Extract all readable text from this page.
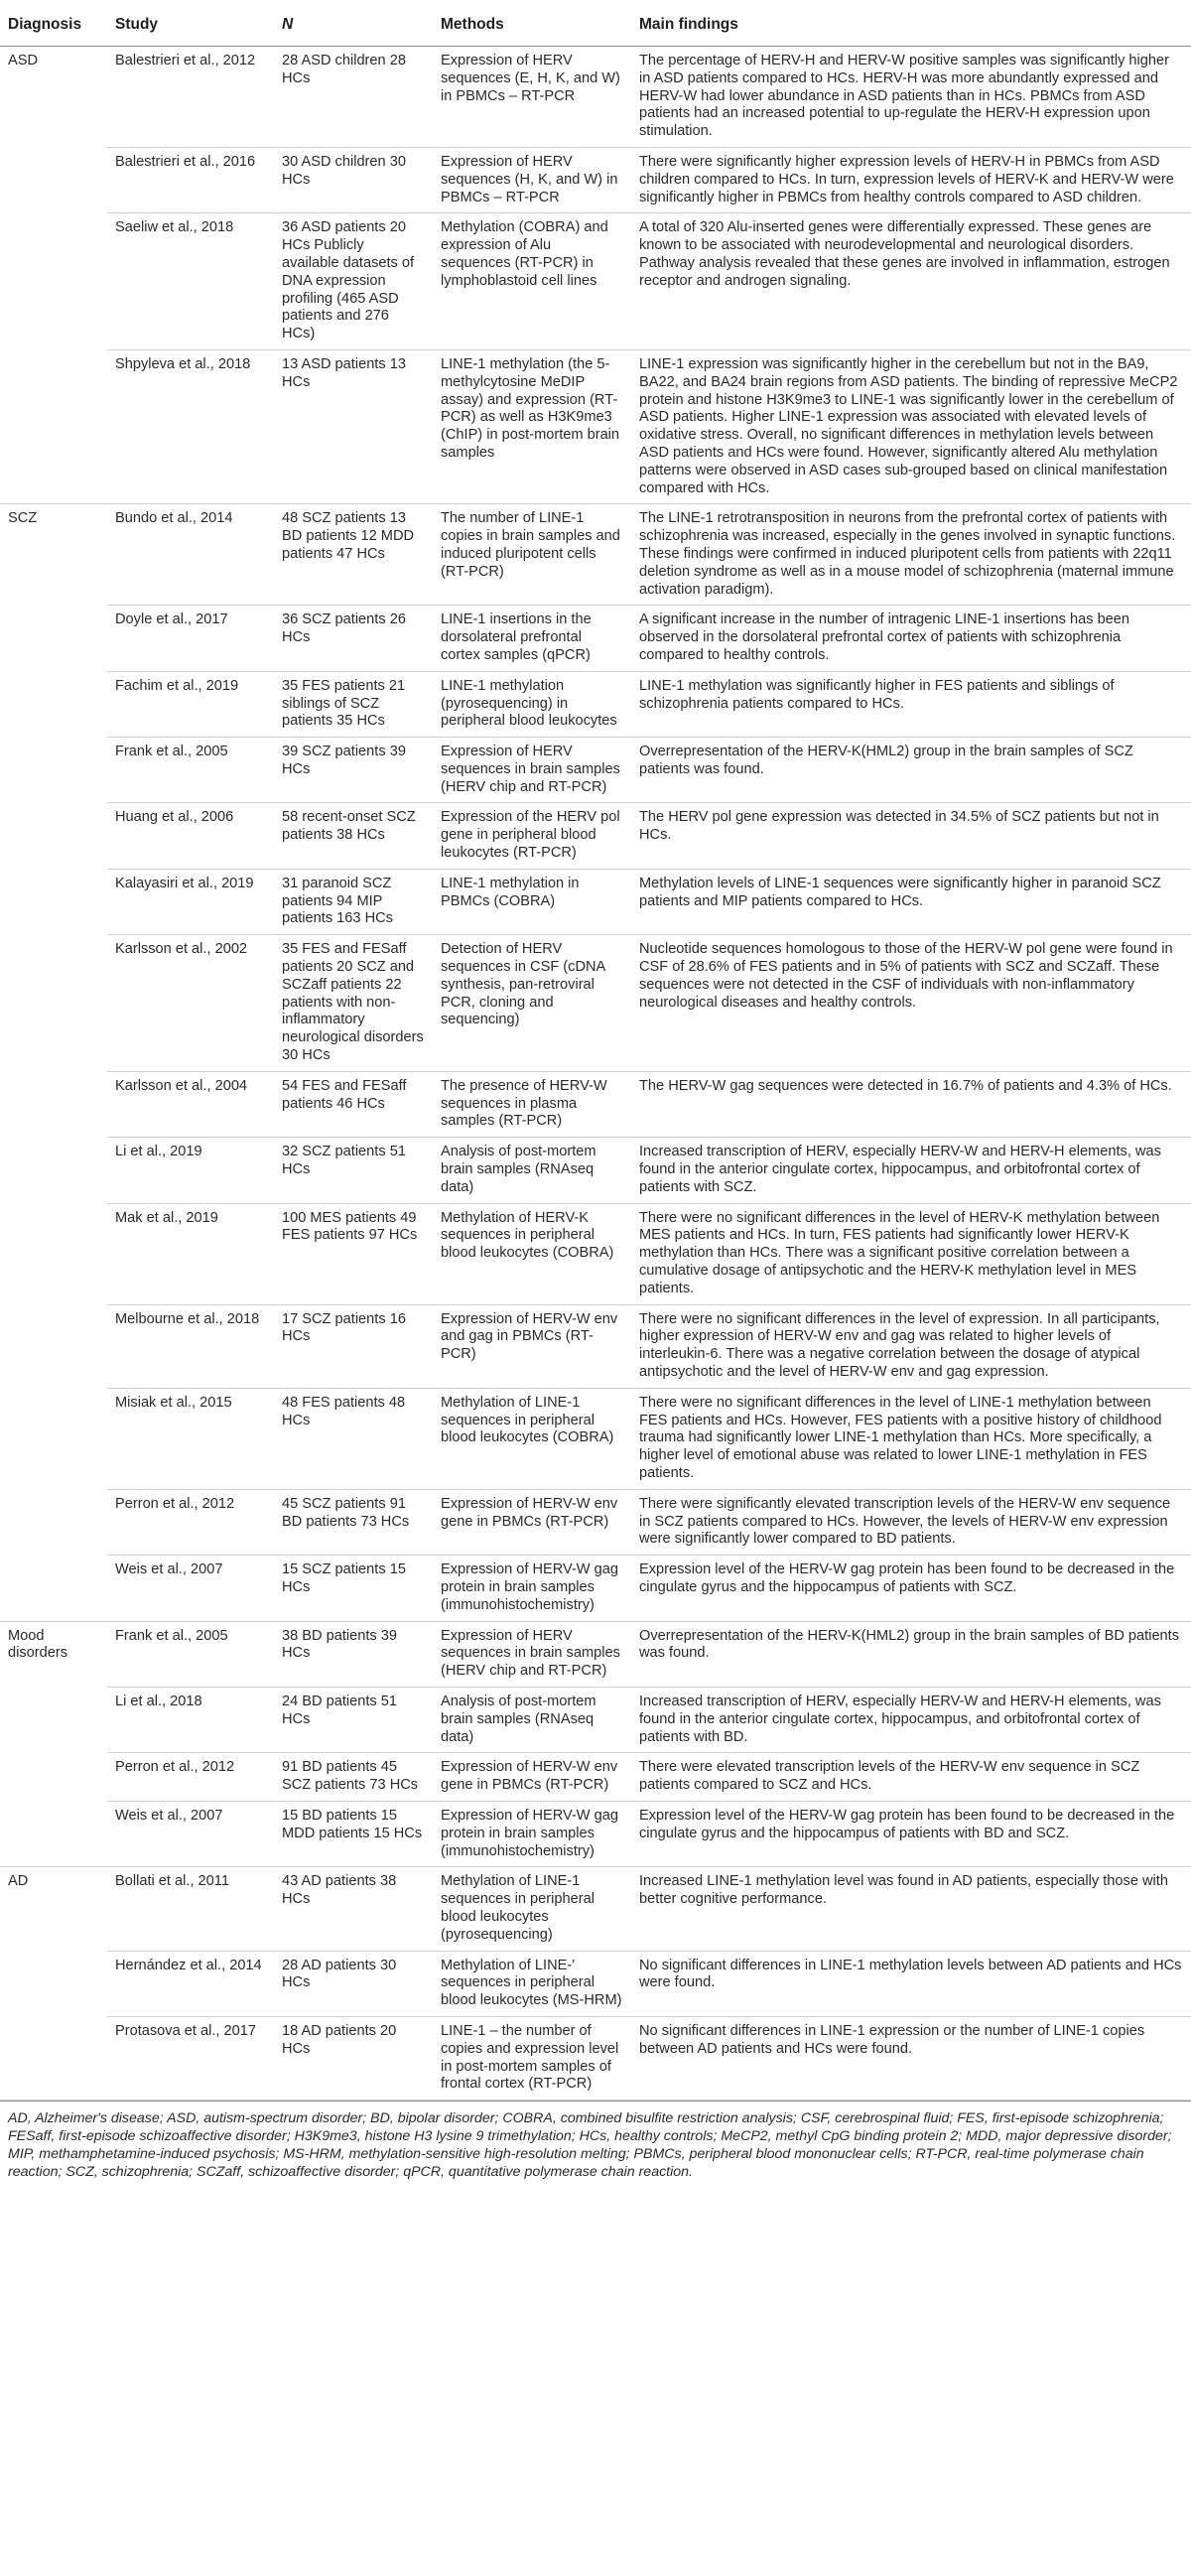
Diagnosis	Study	N	Methods	Main findings
ASD	Balestrieri et al., 2012	28 ASD children 28 HCs	Expression of HERV sequences (E, H, K, and W) in PBMCs – RT-PCR	The percentage of HERV-H and HERV-W positive samples was significantly higher in ASD patients compared to HCs. HERV-H was more abundantly expressed and HERV-W had lower abundance in ASD patients than in HCs. PBMCs from ASD patients had an increased potential to up-regulate the HERV-H expression upon stimulation.
	Balestrieri et al., 2016	30 ASD children 30 HCs	Expression of HERV sequences (H, K, and W) in PBMCs – RT-PCR	There were significantly higher expression levels of HERV-H in PBMCs from ASD children compared to HCs. In turn, expression levels of HERV-K and HERV-W were significantly higher in PBMCs from healthy controls compared to ASD children.
	Saeliw et al., 2018	36 ASD patients 20 HCs Publicly available datasets of DNA expression profiling (465 ASD patients and 276 HCs)	Methylation (COBRA) and expression of Alu sequences (RT-PCR) in lymphoblastoid cell lines	A total of 320 Alu-inserted genes were differentially expressed. These genes are known to be associated with neurodevelopmental and neurological disorders. Pathway analysis revealed that these genes are involved in inflammation, estrogen receptor and androgen signaling.
	Shpyleva et al., 2018	13 ASD patients 13 HCs	LINE-1 methylation (the 5-methylcytosine MeDIP assay) and expression (RT-PCR) as well as H3K9me3 (ChIP) in post-mortem brain samples	LINE-1 expression was significantly higher in the cerebellum but not in the BA9, BA22, and BA24 brain regions from ASD patients. The binding of repressive MeCP2 protein and histone H3K9me3 to LINE-1 was significantly lower in the cerebellum of ASD patients. Higher LINE-1 expression was associated with elevated levels of oxidative stress. Overall, no significant differences in methylation levels between ASD patients and HCs were found. However, significantly altered Alu methylation patterns were observed in ASD cases sub-grouped based on clinical manifestation compared with HCs.
SCZ	Bundo et al., 2014	48 SCZ patients 13 BD patients 12 MDD patients 47 HCs	The number of LINE-1 copies in brain samples and induced pluripotent cells (RT-PCR)	The LINE-1 retrotransposition in neurons from the prefrontal cortex of patients with schizophrenia was increased, especially in the genes involved in synaptic functions. These findings were confirmed in induced pluripotent cells from patients with 22q11 deletion syndrome as well as in a mouse model of schizophrenia (maternal immune activation paradigm).
	Doyle et al., 2017	36 SCZ patients 26 HCs	LINE-1 insertions in the dorsolateral prefrontal cortex samples (qPCR)	A significant increase in the number of intragenic LINE-1 insertions has been observed in the dorsolateral prefrontal cortex of patients with schizophrenia compared to healthy controls.
	Fachim et al., 2019	35 FES patients 21 siblings of SCZ patients 35 HCs	LINE-1 methylation (pyrosequencing) in peripheral blood leukocytes	LINE-1 methylation was significantly higher in FES patients and siblings of schizophrenia patients compared to HCs.
	Frank et al., 2005	39 SCZ patients 39 HCs	Expression of HERV sequences in brain samples (HERV chip and RT-PCR)	Overrepresentation of the HERV-K(HML2) group in the brain samples of SCZ patients was found.
	Huang et al., 2006	58 recent-onset SCZ patients 38 HCs	Expression of the HERV pol gene in peripheral blood leukocytes (RT-PCR)	The HERV pol gene expression was detected in 34.5% of SCZ patients but not in HCs.
	Kalayasiri et al., 2019	31 paranoid SCZ patients 94 MIP patients 163 HCs	LINE-1 methylation in PBMCs (COBRA)	Methylation levels of LINE-1 sequences were significantly higher in paranoid SCZ patients and MIP patients compared to HCs.
	Karlsson et al., 2002	35 FES and FESaff patients 20 SCZ and SCZaff patients 22 patients with non-inflammatory neurological disorders 30 HCs	Detection of HERV sequences in CSF (cDNA synthesis, pan-retroviral PCR, cloning and sequencing)	Nucleotide sequences homologous to those of the HERV-W pol gene were found in CSF of 28.6% of FES patients and in 5% of patients with SCZ and SCZaff. These sequences were not detected in the CSF of individuals with non-inflammatory neurological diseases and healthy controls.
	Karlsson et al., 2004	54 FES and FESaff patients 46 HCs	The presence of HERV-W sequences in plasma samples (RT-PCR)	The HERV-W gag sequences were detected in 16.7% of patients and 4.3% of HCs.
	Li et al., 2019	32 SCZ patients 51 HCs	Analysis of post-mortem brain samples (RNAseq data)	Increased transcription of HERV, especially HERV-W and HERV-H elements, was found in the anterior cingulate cortex, hippocampus, and orbitofrontal cortex of patients with SCZ.
	Mak et al., 2019	100 MES patients 49 FES patients 97 HCs	Methylation of HERV-K sequences in peripheral blood leukocytes (COBRA)	There were no significant differences in the level of HERV-K methylation between MES patients and HCs. In turn, FES patients had significantly lower HERV-K methylation than HCs. There was a significant positive correlation between a cumulative dosage of antipsychotic and the HERV-K methylation level in MES patients.
	Melbourne et al., 2018	17 SCZ patients 16 HCs	Expression of HERV-W env and gag in PBMCs (RT-PCR)	There were no significant differences in the level of expression. In all participants, higher expression of HERV-W env and gag was related to higher levels of interleukin-6. There was a negative correlation between the dosage of atypical antipsychotic and the level of HERV-W env and gag expression.
	Misiak et al., 2015	48 FES patients 48 HCs	Methylation of LINE-1 sequences in peripheral blood leukocytes (COBRA)	There were no significant differences in the level of LINE-1 methylation between FES patients and HCs. However, FES patients with a positive history of childhood trauma had significantly lower LINE-1 methylation than HCs. More specifically, a higher level of emotional abuse was related to lower LINE-1 methylation in FES patients.
	Perron et al., 2012	45 SCZ patients 91 BD patients 73 HCs	Expression of HERV-W env gene in PBMCs (RT-PCR)	There were significantly elevated transcription levels of the HERV-W env sequence in SCZ patients compared to HCs. However, the levels of HERV-W env expression were significantly lower compared to BD patients.
	Weis et al., 2007	15 SCZ patients 15 HCs	Expression of HERV-W gag protein in brain samples (immunohistochemistry)	Expression level of the HERV-W gag protein has been found to be decreased in the cingulate gyrus and the hippocampus of patients with SCZ.
Mood disorders	Frank et al., 2005	38 BD patients 39 HCs	Expression of HERV sequences in brain samples (HERV chip and RT-PCR)	Overrepresentation of the HERV-K(HML2) group in the brain samples of BD patients was found.
	Li et al., 2018	24 BD patients 51 HCs	Analysis of post-mortem brain samples (RNAseq data)	Increased transcription of HERV, especially HERV-W and HERV-H elements, was found in the anterior cingulate cortex, hippocampus, and orbitofrontal cortex of patients with BD.
	Perron et al., 2012	91 BD patients 45 SCZ patients 73 HCs	Expression of HERV-W env gene in PBMCs (RT-PCR)	There were elevated transcription levels of the HERV-W env sequence in SCZ patients compared to SCZ and HCs.
	Weis et al., 2007	15 BD patients 15 MDD patients 15 HCs	Expression of HERV-W gag protein in brain samples (immunohistochemistry)	Expression level of the HERV-W gag protein has been found to be decreased in the cingulate gyrus and the hippocampus of patients with BD and SCZ.
AD	Bollati et al., 2011	43 AD patients 38 HCs	Methylation of LINE-1 sequences in peripheral blood leukocytes (pyrosequencing)	Increased LINE-1 methylation level was found in AD patients, especially those with better cognitive performance.
	Hernández et al., 2014	28 AD patients 30 HCs	Methylation of LINE-' sequences in peripheral blood leukocytes (MS-HRM)	No significant differences in LINE-1 methylation levels between AD patients and HCs were found.
	Protasova et al., 2017	18 AD patients 20 HCs	LINE-1 – the number of copies and expression level in post-mortem samples of frontal cortex (RT-PCR)	No significant differences in LINE-1 expression or the number of LINE-1 copies between AD patients and HCs were found.
AD, Alzheimer's disease; ASD, autism-spectrum disorder; BD, bipolar disorder; COBRA, combined bisulfite restriction analysis; CSF, cerebrospinal fluid; FES, first-episode schizophrenia; FESaff, first-episode schizoaffective disorder; H3K9me3, histone H3 lysine 9 trimethylation; HCs, healthy controls; MeCP2, methyl CpG binding protein 2; MDD, major depressive disorder; MIP, methamphetamine-induced psychosis; MS-HRM, methylation-sensitive high-resolution melting; PBMCs, peripheral blood mononuclear cells; RT-PCR, real-time polymerase chain reaction; SCZ, schizophrenia; SCZaff, schizoaffective disorder; qPCR, quantitative polymerase chain reaction.
